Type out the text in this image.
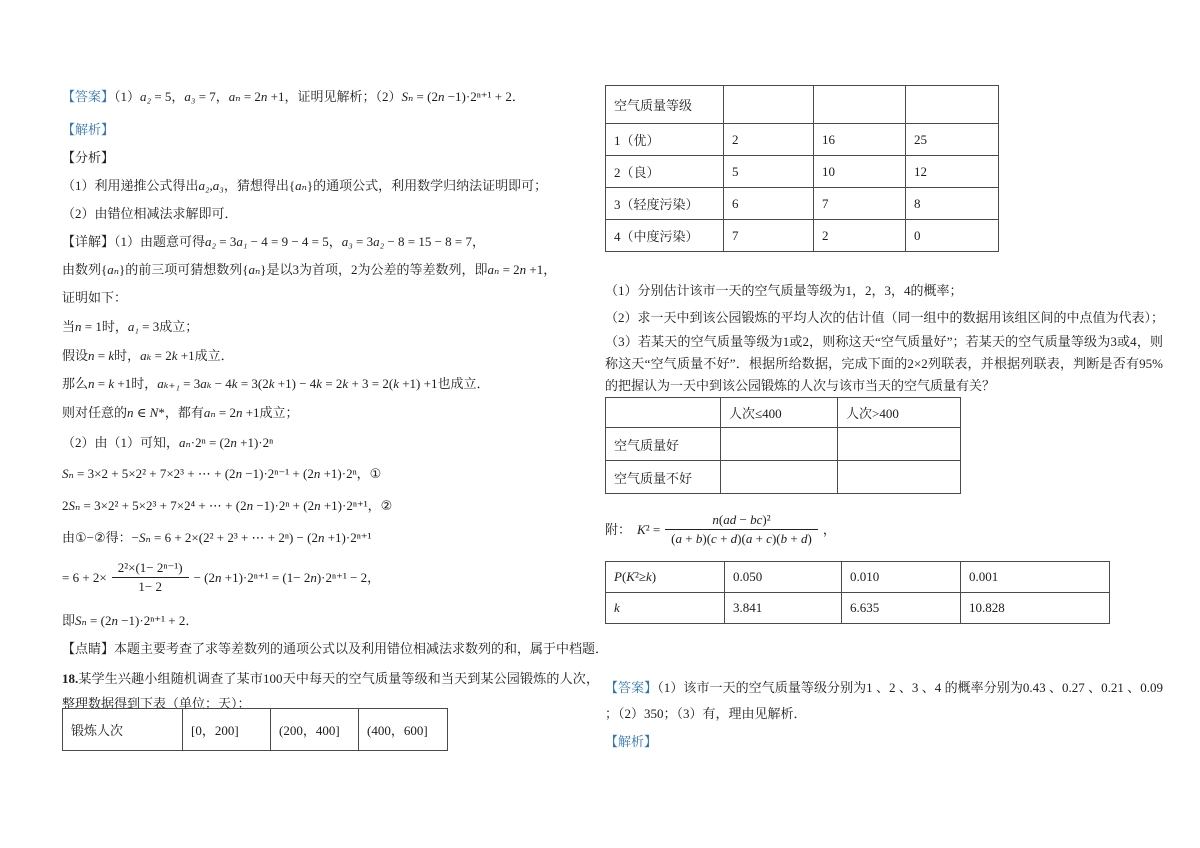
【答案】（1）a₂ = 5，a₃ = 7，aₙ = 2n +1，证明见解析；（2）Sₙ = (2n −1)·2ⁿ⁺¹ + 2．

【解析】

【分析】

（1）利用递推公式得出a₂,a₃，猜想得出{aₙ}的通项公式，利用数学归纳法证明即可；

（2）由错位相减法求解即可．

【详解】（1）由题意可得a₂ = 3a₁ − 4 = 9 − 4 = 5，a₃ = 3a₂ − 8 = 15 − 8 = 7，

由数列{aₙ}的前三项可猜想数列{aₙ}是以3为首项，2为公差的等差数列，即aₙ = 2n +1，

证明如下：

当n = 1时，a₁ = 3成立；

假设n = k时，aₖ = 2k +1成立．

那么n = k +1时，aₖ₊₁ = 3aₖ − 4k = 3(2k +1) − 4k = 2k + 3 = 2(k +1) +1也成立．

则对任意的n ∈ N*，都有aₙ = 2n +1成立；

（2）由（1）可知，aₙ·2ⁿ = (2n +1)·2ⁿ

Sₙ = 3×2 + 5×2² + 7×2³ + ⋯ + (2n −1)·2ⁿ⁻¹ + (2n +1)·2ⁿ，①

2Sₙ = 3×2² + 5×2³ + 7×2⁴ + ⋯ + (2n −1)·2ⁿ + (2n +1)·2ⁿ⁺¹，②

由①−②得：−Sₙ = 6 + 2×(2² + 2³ + ⋯ + 2ⁿ) − (2n +1)·2ⁿ⁺¹

= $6 + 2\times \frac{\text{2²×(1− 2ⁿ⁻¹)}}{1- 2} - (2n +1)\cdot 2^{n+1} = (1- 2n)\cdot 2^{n+1} - 2$，

即Sₙ = (2n −1)·2ⁿ⁺¹ + 2．

【点睛】本题主要考查了求等差数列的通项公式以及利用错位相减法求数列的和，属于中档题．

18.某学生兴趣小组随机调查了某市100天中每天的空气质量等级和当天到某公园锻炼的人次，整理数据得到下表（单位：天）：

锻炼人次	[0，200]	(200，400]	(400，600]
空气质量等级			
1（优）	2	16	25
2（良）	5	10	12
3（轻度污染）	6	7	8
4（中度污染）	7	2	0

（1）分别估计该市一天的空气质量等级为1，2，3，4的概率；

（2）求一天中到该公园锻炼的平均人次的估计值（同一组中的数据用该组区间的中点值为代表）；

（3）若某天的空气质量等级为1或2，则称这天“空气质量好”；若某天的空气质量等级为3或4，则称这天“空气质量不好”．根据所给数据，完成下面的2×2列联表，并根据列联表，判断是否有95%的把握认为一天中到该公园锻炼的人次与该市当天的空气质量有关？

	人次≤400	人次>400
空气质量好		
空气质量不好		

附： $K^2 = \frac{\text{n(ad − bc)²}}{(a + b)(c + d)(a + c)(b + d)}$ ，

P(K²≥k)	0.050	0.010	0.001
k	3.841	6.635	10.828

【答案】（1）该市一天的空气质量等级分别为1 、2 、3 、4 的概率分别为0.43 、0.27 、0.21 、0.09 ；（2）350；（3）有，理由见解析．

【解析】
